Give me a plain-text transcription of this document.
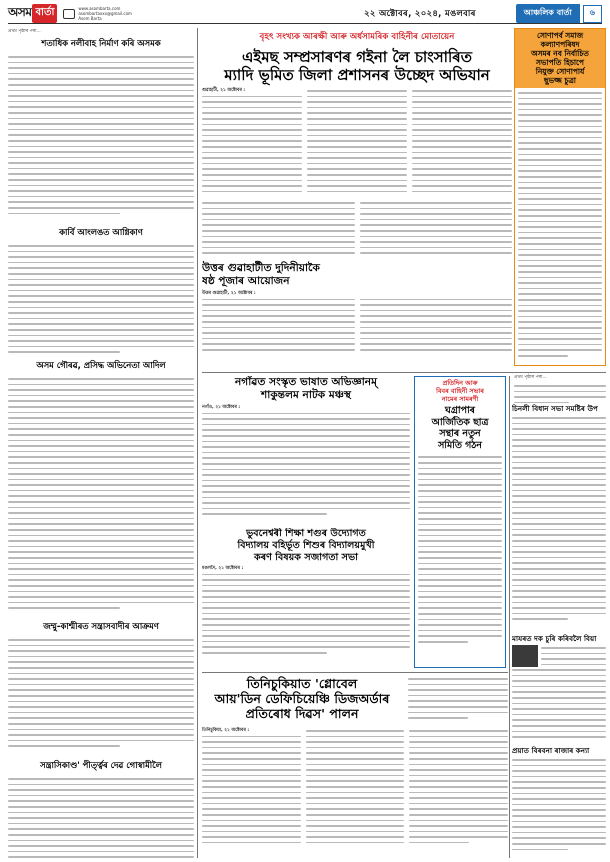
অসম বাৰ্তা	www.asombarta.com
asombartaxxx@gmail.com
Asom Barta	২২ অক্টোবৰ, ২০২৪, মঙলবাৰ	আঞ্চলিক বাৰ্তা	৬
প্ৰথম পৃষ্ঠাৰ পৰা...
শতাধিক নলীবাহ নিৰ্মাণ কৰি অসমক
কাৰ্বি আংলঙত আগ্নিকাণ
অসম গৌৰৱ, প্ৰসিদ্ধ অভিনেতা আদিল
জম্মু-কাশ্মীৰত সন্ত্ৰাসবাদীৰ আক্ৰমণ
সন্ত্ৰাসিকাণ্ড' পীৰ্ত্ত্বৰ দেৱ গোস্বামীলৈ
বৃহৎ সংখ্যক আৰক্ষী আৰু অৰ্ধসামৰিক বাহিনীৰ মোতায়েন
এইমছ সম্প্ৰসাৰণৰ গইনা লৈ চাংসাৰিত
ম্যাদি ভূমিত জিলা প্ৰশাসনৰ উচ্ছেদ অভিযান
গুৱাহাটী, ২১ অক্টোবৰ :
উত্তৰ গুৱাহাটীত দুদিনীয়াকৈ
ষষ্ঠ পূজাৰ আয়োজন
উত্তৰ গুৱাহাটী, ২১ অক্টোবৰ :
সোণাপৰ্ব সমাজ
কল্যাণপৰিষদ
অসমৰ নব নিৰ্বাচিত
সভাপতি হিচাপে
নিযুক্ত সোণাপাৰ্য
ছুভজ্জ চুত্ৰা
নগাঁৱত সংস্কৃত ভাষাত অভিজ্ঞানম্
শাকুন্তলম নাটক মঞ্চস্থ
নগাঁও, ২১ অক্টোবৰ :
ভুবনেশ্বৰী শিক্ষা শগুৰ উদ্যোগত
বিদ্যালয় বহিৰ্ভূত শিশুৰ বিদ্যালয়মুখী
কৰণ বিষয়ক সজাগতা সভা
মঙলদৈ, ২১ অক্টোবৰ :
প্ৰতিদিন আৰু
বিবৰ বাহিনী সভাৰ
নামেৰ সামৰণী
ঘগ্ৰাপাৰ
আৰ্জিতিক ছাত্ৰ
সন্থাৰ নতুন
সমিতি গঠন
প্ৰথম পৃষ্ঠাৰ পৰা...
চিনলী বিধান সভা সমষ্টিৰ উপ
মাযৰত দক চুৰি কৰিবলৈ বিয়া
প্ৰয়াত বিৰবনা ৰাজাৰ কন্যা
তিনিচুকিয়াত 'গ্লোবেল
আয়'ডিন ডেফিচিয়েঞ্চি ডিজঅৰ্ডাৰ
প্ৰতিৰোধ দিৱস' পালন
তিনিচুকিয়া, ২১ অক্টোবৰ :
